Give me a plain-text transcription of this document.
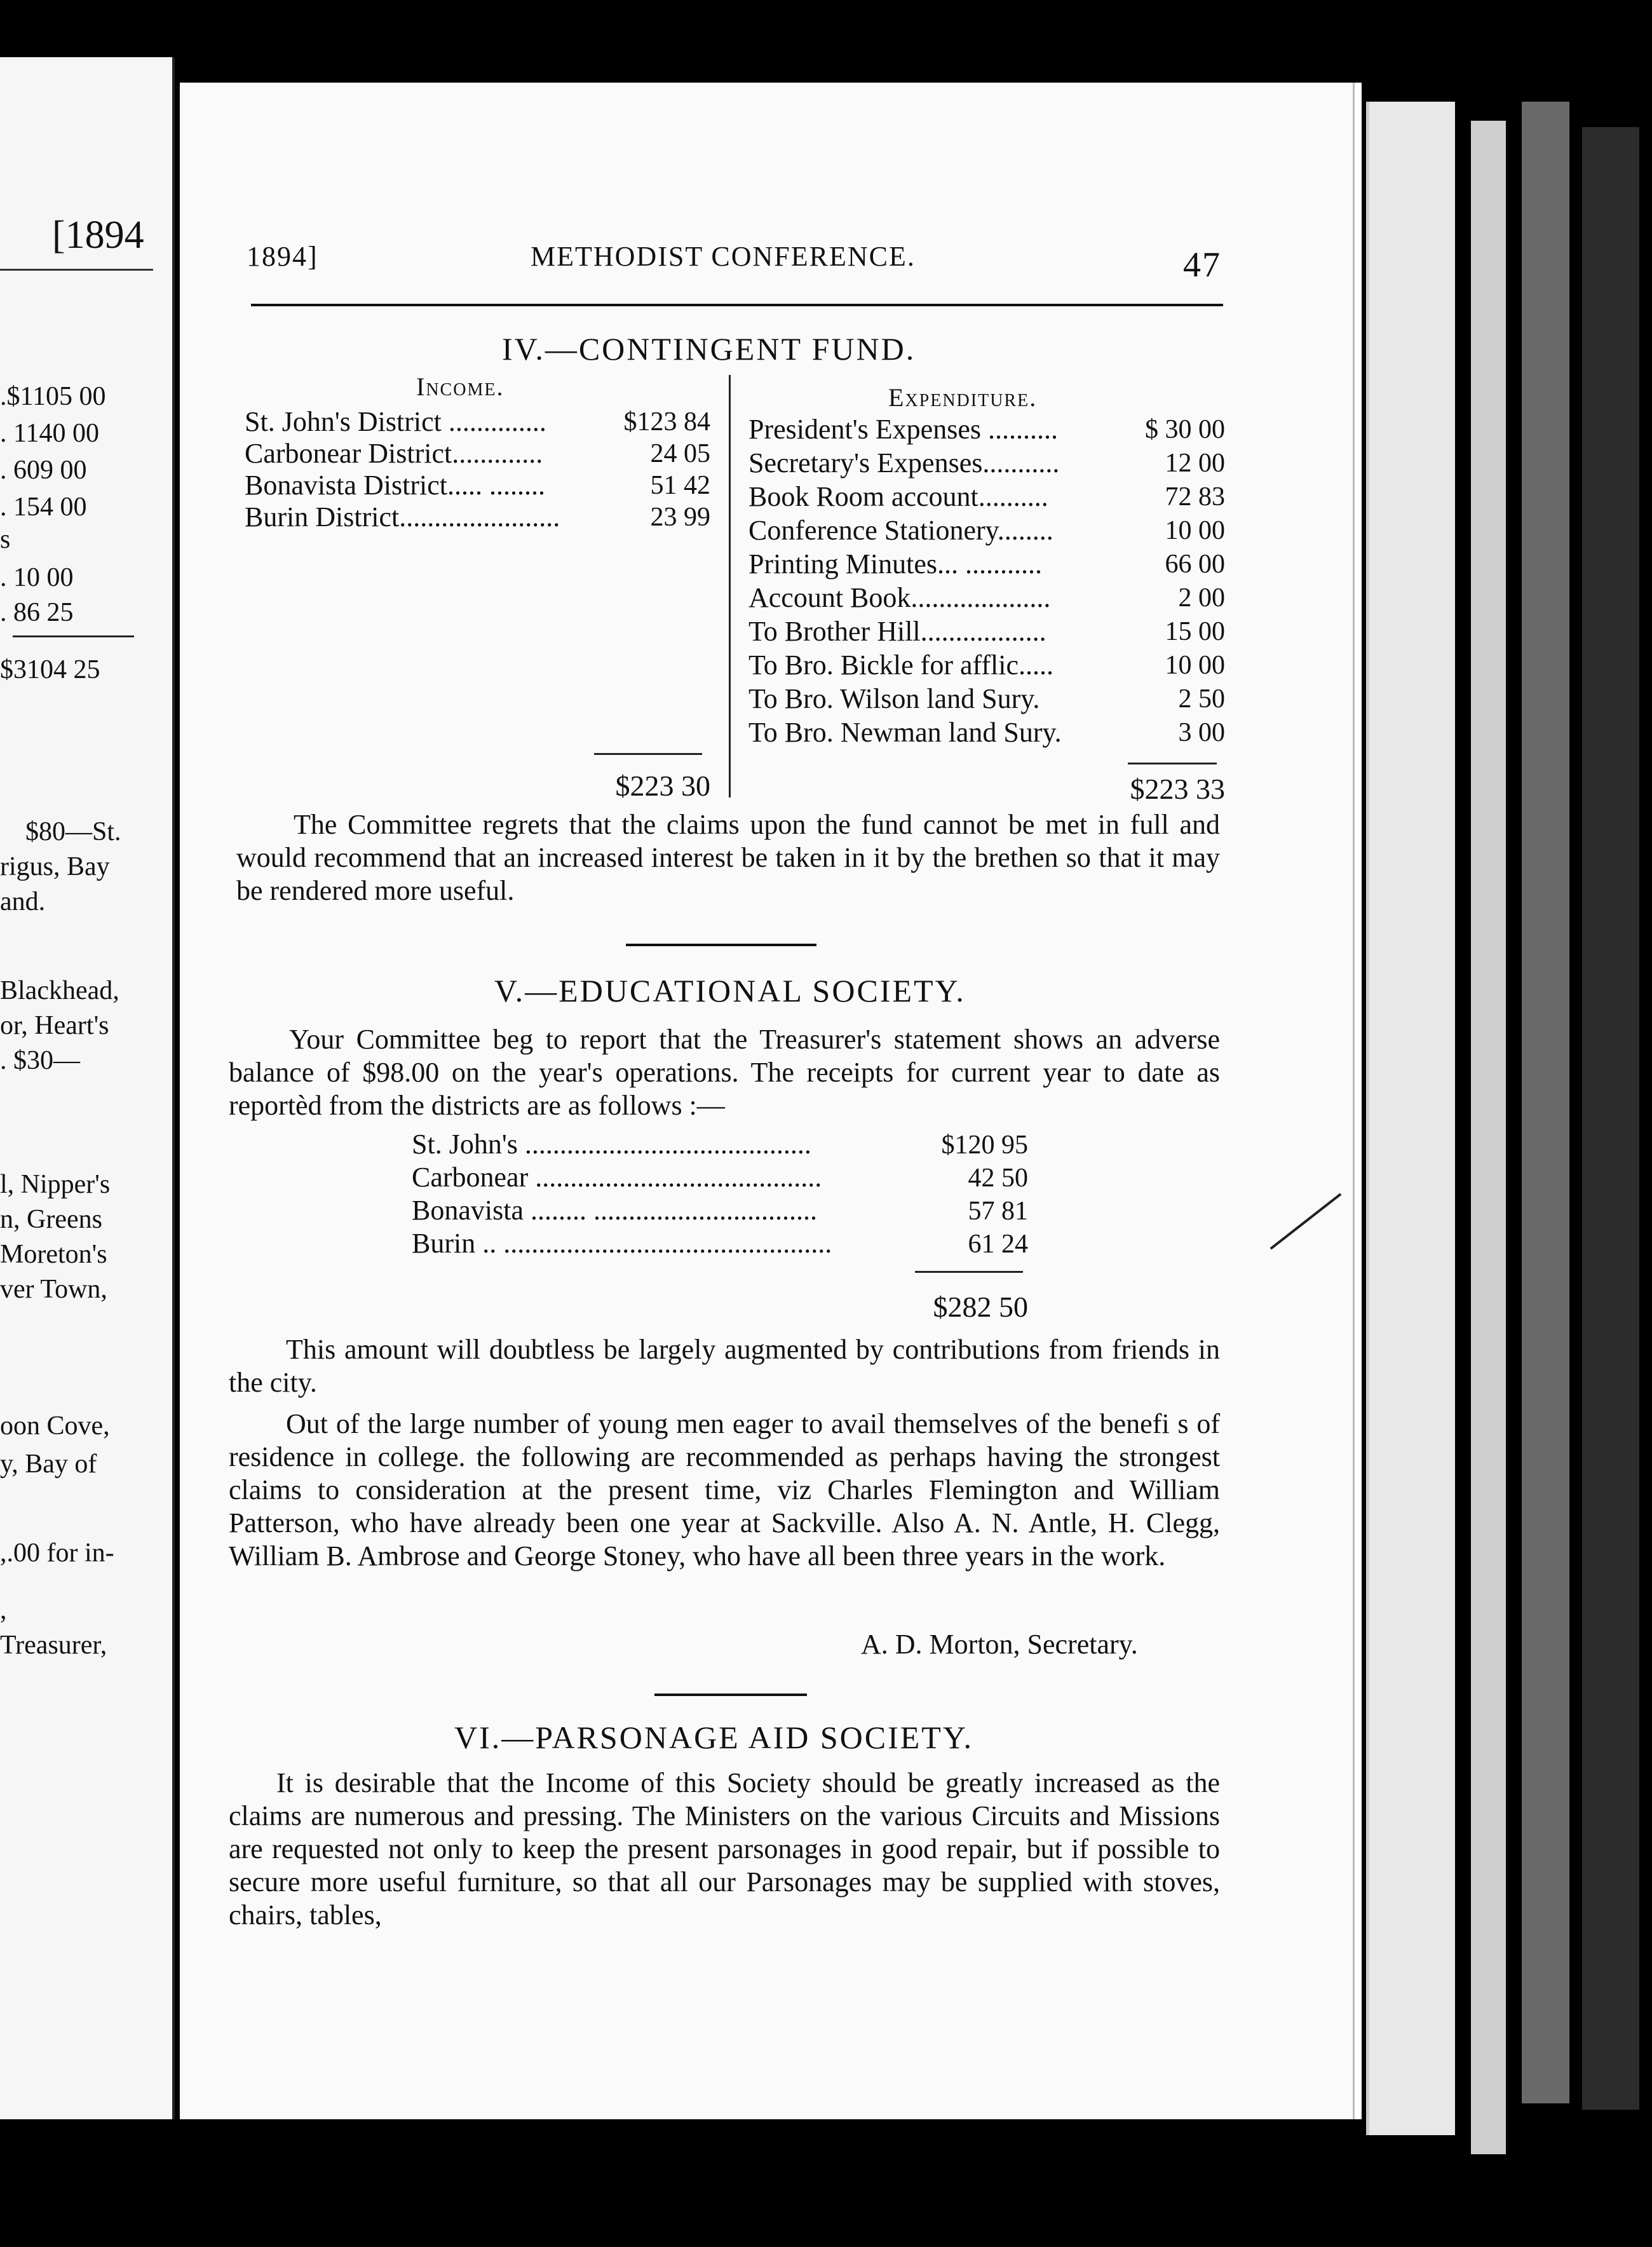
[1894
.$1105 00
. 1140 00
. 609 00
. 154 00
s
. 10 00
. 86 25
$3104 25
$80—St.
rigus, Bay
and.
Blackhead,
or, Heart's
. $30—
l, Nipper's
n, Greens
Moreton's
ver Town,
oon Cove,
y, Bay of
,.00 for in-
,
Treasurer,
1894]	METHODIST CONFERENCE.	47
IV.—CONTINGENT FUND.
Income.	Expenditure.
St. John's District ..............	$123 84
Carbonear District.............	24 05
Bonavista District..... ........	51 42
Burin District.......................	23 99
$223 30
President's Expenses ..........	$ 30 00
Secretary's Expenses...........	12 00
Book Room account..........	72 83
Conference Stationery........	10 00
Printing Minutes... ...........	66 00
Account Book....................	2 00
To Brother Hill..................	15 00
To Bro. Bickle for afflic.....	10 00
To Bro. Wilson land Sury.	2 50
To Bro. Newman land Sury.	3 00
$223 33
The Committee regrets that the claims upon the fund cannot be met in full and would recommend that an increased interest be taken in it by the brethen so that it may be rendered more useful.
V.—EDUCATIONAL SOCIETY.
Your Committee beg to report that the Treasurer's statement shows an adverse balance of $98.00 on the year's operations. The receipts for current year to date as reportèd from the districts are as follows :—
St. John's .........................................	$120 95
Carbonear .........................................	42 50
Bonavista ........ ................................	57 81
Burin .. ...............................................	61 24
$282 50
This amount will doubtless be largely augmented by contributions from friends in the city.
Out of the large number of young men eager to avail themselves of the benefi s of residence in college. the following are recommended as perhaps having the strongest claims to consideration at the present time, viz Charles Flemington and William Patterson, who have already been one year at Sackville. Also A. N. Antle, H. Clegg, William B. Ambrose and George Stoney, who have all been three years in the work.
A. D. Morton, Secretary.
VI.—PARSONAGE AID SOCIETY.
It is desirable that the Income of this Society should be greatly increased as the claims are numerous and pressing. The Ministers on the various Circuits and Missions are requested not only to keep the present parsonages in good repair, but if possible to secure more useful furniture, so that all our Parsonages may be supplied with stoves, chairs, tables,
